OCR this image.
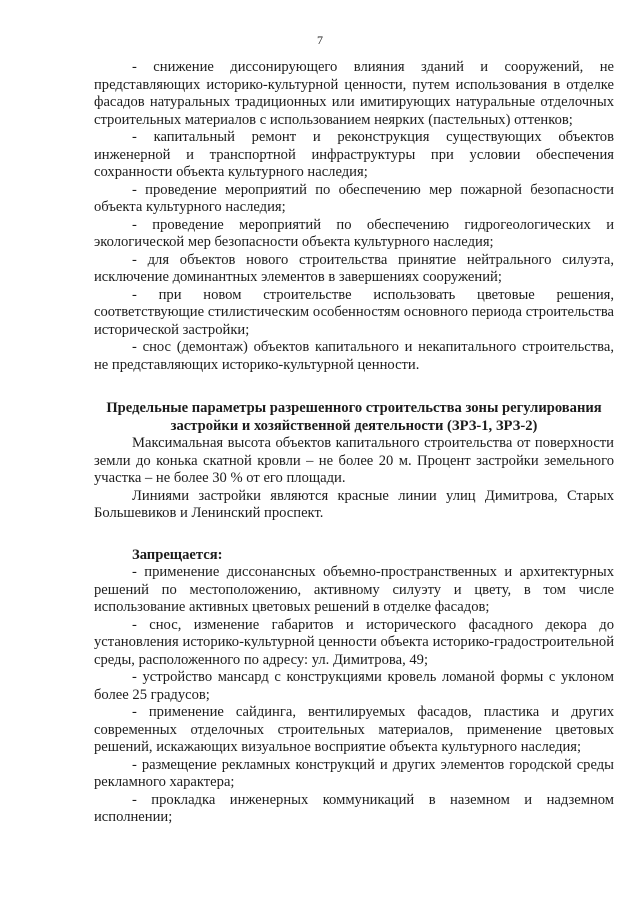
7

- снижение диссонирующего влияния зданий и сооружений, не представляющих историко-культурной ценности, путем использования в отделке фасадов натуральных традиционных или имитирующих натуральные отделочных строительных материалов с использованием неярких (пастельных) оттенков;

- капитальный ремонт и реконструкция существующих объектов инженерной и транспортной инфраструктуры при условии обеспечения сохранности объекта культурного наследия;

- проведение мероприятий по обеспечению мер пожарной безопасности объекта культурного наследия;

- проведение мероприятий по обеспечению гидрогеологических и экологической мер безопасности объекта культурного наследия;

- для объектов нового строительства принятие нейтрального силуэта, исключение доминантных элементов в завершениях сооружений;

- при новом строительстве использовать цветовые решения, соответствующие стилистическим особенностям основного периода строительства исторической застройки;

- снос (демонтаж) объектов капитального и некапитального строительства, не представляющих историко-культурной ценности.

Предельные параметры разрешенного строительства зоны регулирования застройки и хозяйственной деятельности (ЗРЗ-1, ЗРЗ-2)

Максимальная высота объектов капитального строительства от поверхности земли до конька скатной кровли – не более 20 м. Процент застройки земельного участка – не более 30 % от его площади.

Линиями застройки являются красные линии улиц Димитрова, Старых Большевиков и Ленинский проспект.

Запрещается:

- применение диссонансных объемно-пространственных и архитектурных решений по местоположению, активному силуэту и цвету, в том числе использование активных цветовых решений в отделке фасадов;

- снос, изменение габаритов и исторического фасадного декора до установления историко-культурной ценности объекта историко-градостроительной среды, расположенного по адресу: ул. Димитрова, 49;

- устройство мансард с конструкциями кровель ломаной формы с уклоном более 25 градусов;

- применение сайдинга, вентилируемых фасадов, пластика и других современных отделочных строительных материалов, применение цветовых решений, искажающих визуальное восприятие объекта культурного наследия;

- размещение рекламных конструкций и других элементов городской среды рекламного характера;

- прокладка инженерных коммуникаций в наземном и надземном исполнении;
